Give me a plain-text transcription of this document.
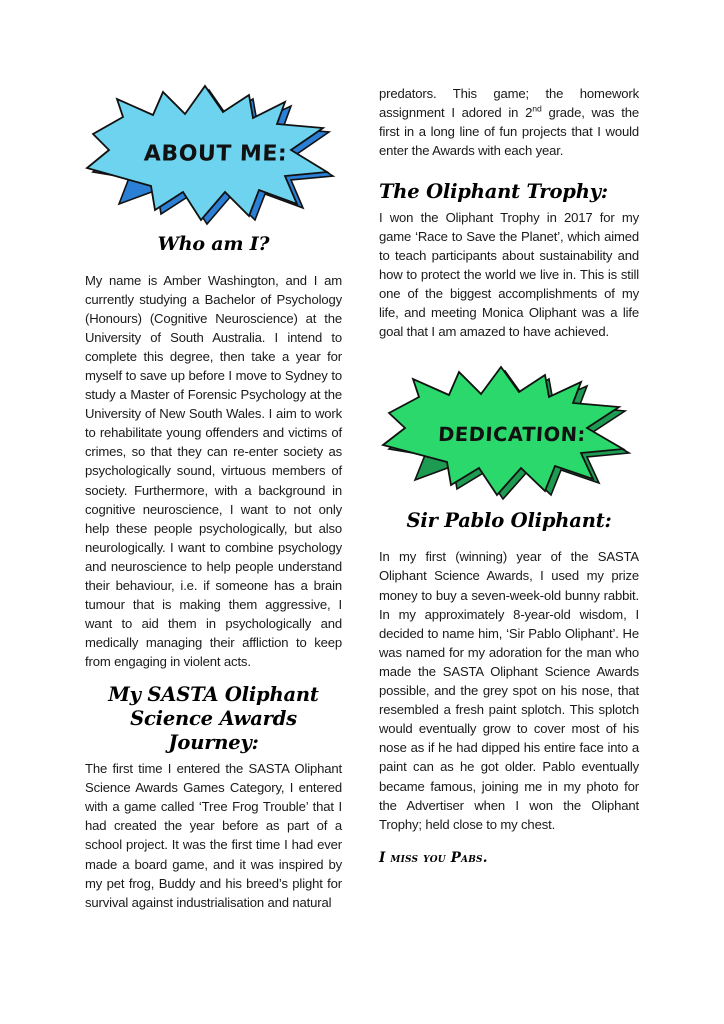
ABOUT ME:
Who am I?

My name is Amber Washington, and I am currently studying a Bachelor of Psychology (Honours) (Cognitive Neuroscience) at the University of South Australia. I intend to complete this degree, then take a year for myself to save up before I move to Sydney to study a Master of Forensic Psychology at the University of New South Wales. I aim to work to rehabilitate young offenders and victims of crimes, so that they can re-enter society as psychologically sound, virtuous members of society. Furthermore, with a background in cognitive neuroscience, I want to not only help these people psychologically, but also neurologically. I want to combine psychology and neuroscience to help people understand their behaviour, i.e. if someone has a brain tumour that is making them aggressive, I want to aid them in psychologically and medically managing their affliction to keep from engaging in violent acts.

My SASTA Oliphant Science Awards Journey:

The first time I entered the SASTA Oliphant Science Awards Games Category, I entered with a game called ‘Tree Frog Trouble’ that I had created the year before as part of a school project. It was the first time I had ever made a board game, and it was inspired by my pet frog, Buddy and his breed’s plight for survival against industrialisation and natural

predators. This game; the homework assignment I adored in 2nd grade, was the first in a long line of fun projects that I would enter the Awards with each year.

The Oliphant Trophy:

I won the Oliphant Trophy in 2017 for my game ‘Race to Save the Planet’, which aimed to teach participants about sustainability and how to protect the world we live in. This is still one of the biggest accomplishments of my life, and meeting Monica Oliphant was a life goal that I am amazed to have achieved.

DEDICATION:
Sir Pablo Oliphant:

In my first (winning) year of the SASTA Oliphant Science Awards, I used my prize money to buy a seven-week-old bunny rabbit. In my approximately 8-year-old wisdom, I decided to name him, ‘Sir Pablo Oliphant’. He was named for my adoration for the man who made the SASTA Oliphant Science Awards possible, and the grey spot on his nose, that resembled a fresh paint splotch. This splotch would eventually grow to cover most of his nose as if he had dipped his entire face into a paint can as he got older. Pablo eventually became famous, joining me in my photo for the Advertiser when I won the Oliphant Trophy; held close to my chest.

I miss you Pabs.
